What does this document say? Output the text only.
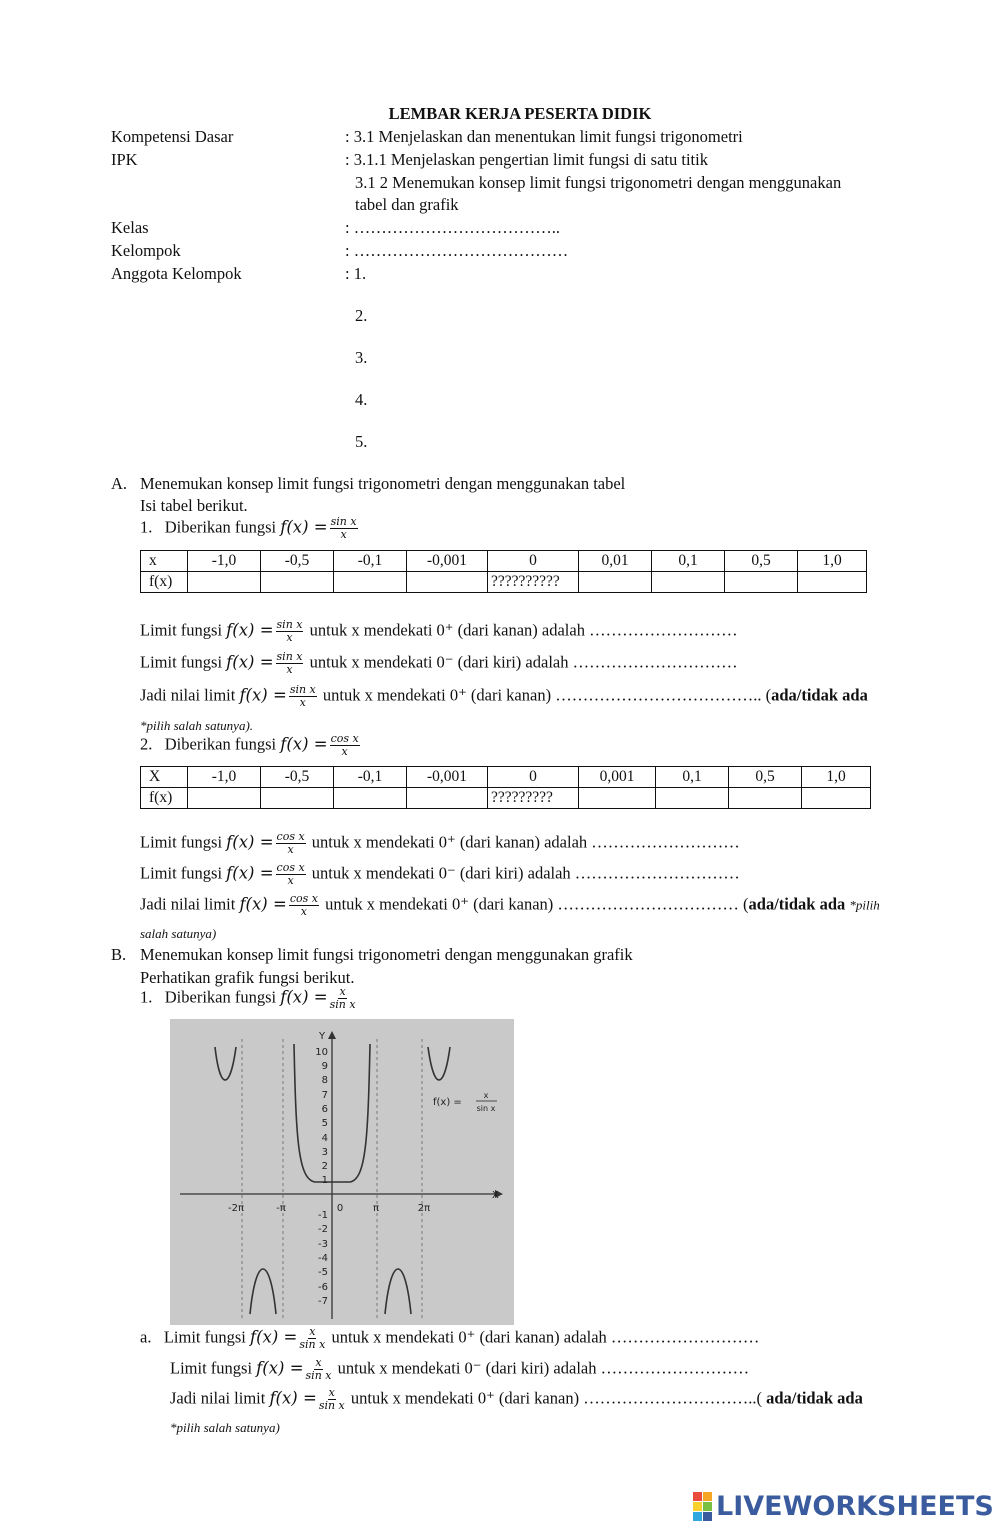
LEMBAR KERJA PESERTA DIDIK
Kompetensi Dasar	: 3.1 Menjelaskan dan menentukan limit fungsi trigonometri
IPK	: 3.1.1 Menjelaskan pengertian limit fungsi di satu titik
3.1 2 Menemukan konsep limit fungsi trigonometri dengan menggunakan
tabel dan grafik
Kelas	: ………………………………..
Kelompok	: …………………………………
Anggota Kelompok	: 1.
2.
3.
4.
5.
A. Menemukan konsep limit fungsi trigonometri dengan menggunakan tabel
Isi tabel berikut.
1. Diberikan fungsi $f(x) = \frac{\text{sin x}}{x}$
x	-1,0	-0,5	-0,1	-0,001	0	0,01	0,1	0,5	1,0
f(x)					??????????				
Limit fungsi $f(x) = \frac{\text{sin x}}{x}$ untuk x mendekati 0⁺ (dari kanan) adalah ………………………
Limit fungsi $f(x) = \frac{\text{sin x}}{x}$ untuk x mendekati 0⁻ (dari kiri) adalah …………………………
Jadi nilai limit $f(x) = \frac{\text{sin x}}{x}$ untuk x mendekati 0⁺ (dari kanan) ……………………………….. (ada/tidak ada
*pilih salah satunya).
2. Diberikan fungsi $f(x) = \frac{\text{cos x}}{x}$
X	-1,0	-0,5	-0,1	-0,001	0	0,001	0,1	0,5	1,0
f(x)					?????????				
Limit fungsi $f(x) = \frac{\text{cos x}}{x}$ untuk x mendekati 0⁺ (dari kanan) adalah ………………………
Limit fungsi $f(x) = \frac{\text{cos x}}{x}$ untuk x mendekati 0⁻ (dari kiri) adalah …………………………
Jadi nilai limit $f(x) = \frac{\text{cos x}}{x}$ untuk x mendekati 0⁺ (dari kanan) …………………………… (ada/tidak ada *pilih
salah satunya)
B. Menemukan konsep limit fungsi trigonometri dengan menggunakan grafik
Perhatikan grafik fungsi berikut.
1. Diberikan fungsi $f(x) = \frac{x}{\text{sin x}}$
10
9
8
7
6
5
4
3
2
1
-1
-2
-3
-4
-5
-6
-7
-2π	-π	0	π	2π
Y
X
f(x) =
x
sin x
a. Limit fungsi $f(x) = \frac{x}{\text{sin x}}$ untuk x mendekati 0⁺ (dari kanan) adalah ………………………
Limit fungsi $f(x) = \frac{x}{\text{sin x}}$ untuk x mendekati 0⁻ (dari kiri) adalah ………………………
Jadi nilai limit $f(x) = \frac{x}{\text{sin x}}$ untuk x mendekati 0⁺ (dari kanan) …………………………..( ada/tidak ada
*pilih salah satunya)
LIVEWORKSHEETS
